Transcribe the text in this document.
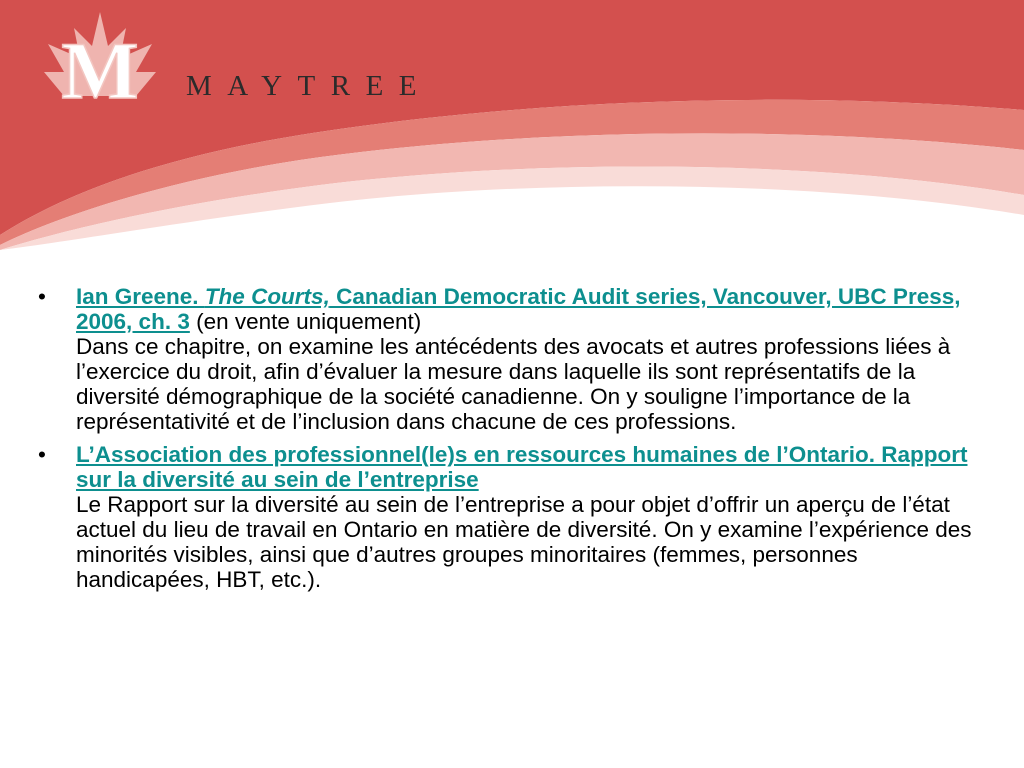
M MAYTREE
• Ian Greene. The Courts, Canadian Democratic Audit series, Vancouver, UBC Press, 2006, ch. 3 (en vente uniquement)
Dans ce chapitre, on examine les antécédents des avocats et autres professions liées à l’exercice du droit, afin d’évaluer la mesure dans laquelle ils sont représentatifs de la diversité démographique de la société canadienne. On y souligne l’importance de la représentativité et de l’inclusion dans chacune de ces professions.
• L’Association des professionnel(le)s en ressources humaines de l’Ontario. Rapport sur la diversité au sein de l’entreprise
Le Rapport sur la diversité au sein de l’entreprise a pour objet d’offrir un aperçu de l’état actuel du lieu de travail en Ontario en matière de diversité. On y examine l’expérience des minorités visibles, ainsi que d’autres groupes minoritaires (femmes, personnes handicapées, HBT, etc.).
